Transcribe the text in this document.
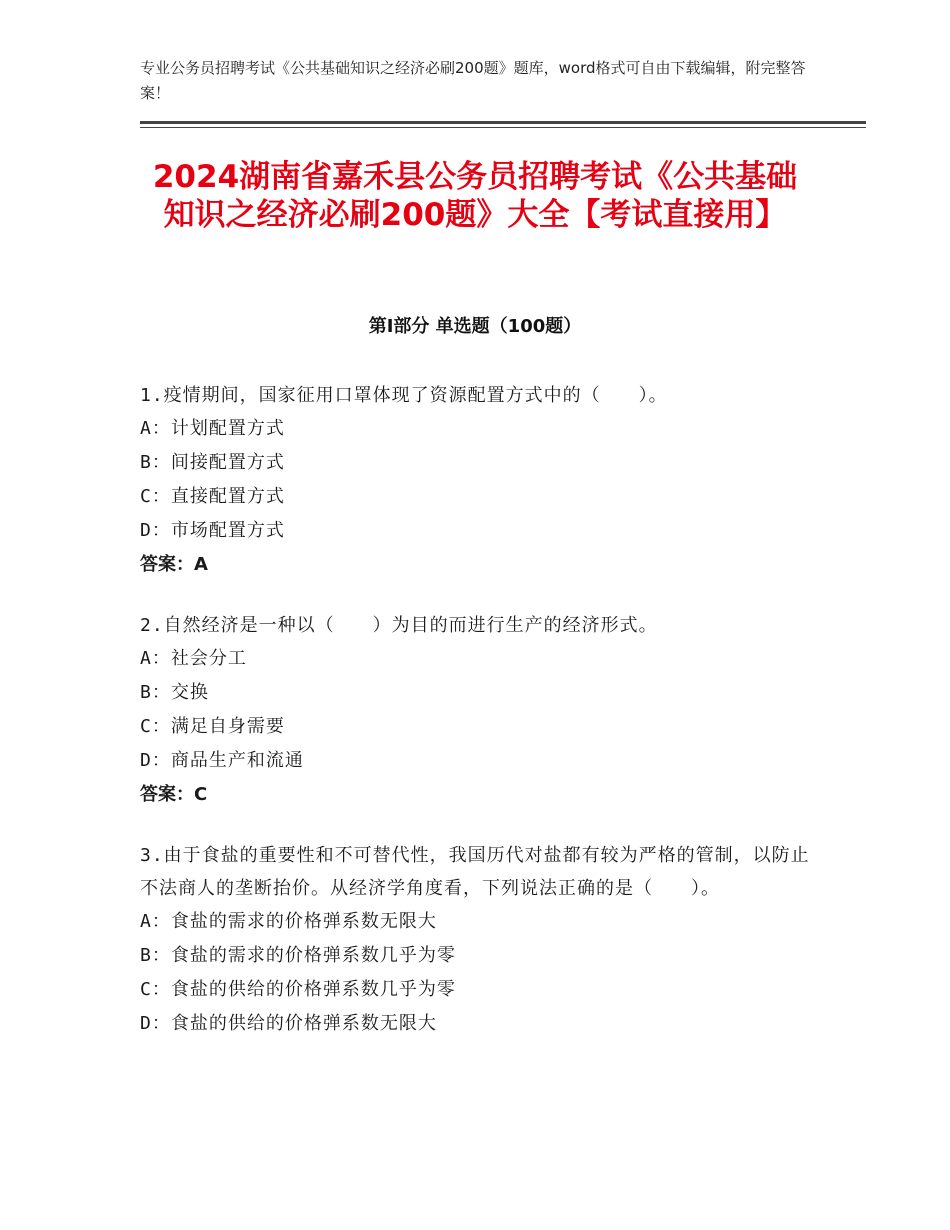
专业公务员招聘考试《公共基础知识之经济必刷200题》题库，word格式可自由下载编辑，附完整答案！
2024湖南省嘉禾县公务员招聘考试《公共基础知识之经济必刷200题》大全【考试直接用】
第Ⅰ部分 单选题（100题）
1.疫情期间，国家征用口罩体现了资源配置方式中的（　　）。
A：计划配置方式
B：间接配置方式
C：直接配置方式
D：市场配置方式
答案：A
2.自然经济是一种以（　　）为目的而进行生产的经济形式。
A：社会分工
B：交换
C：满足自身需要
D：商品生产和流通
答案：C
3.由于食盐的重要性和不可替代性，我国历代对盐都有较为严格的管制，以防止不法商人的垄断抬价。从经济学角度看，下列说法正确的是（　　）。
A：食盐的需求的价格弹系数无限大
B：食盐的需求的价格弹系数几乎为零
C：食盐的供给的价格弹系数几乎为零
D：食盐的供给的价格弹系数无限大
